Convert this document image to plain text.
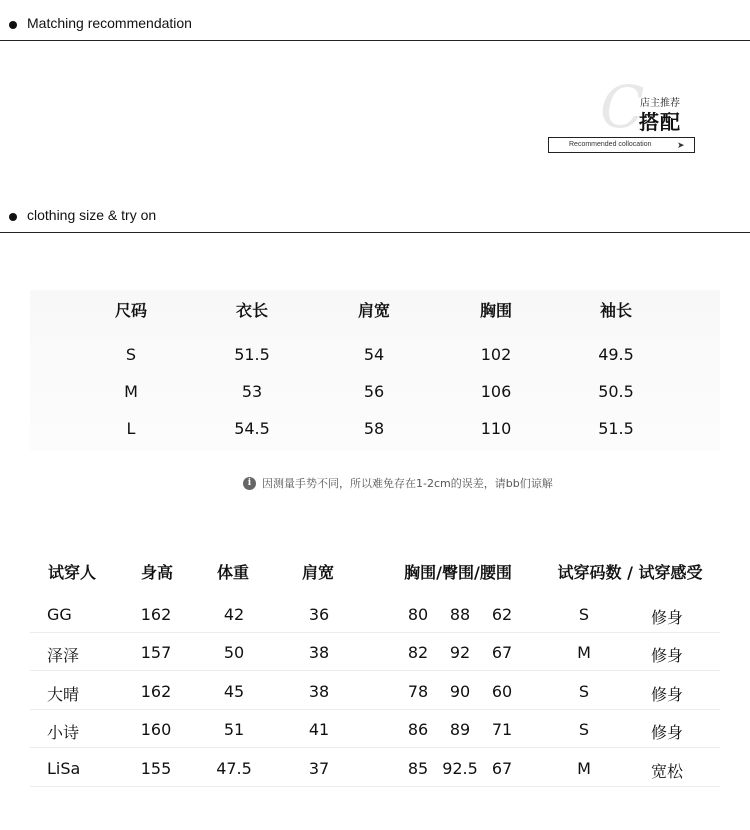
Matching recommendation
C
店主推荐
搭配
Recommended collocation	➤
clothing size & try on
尺码	衣长	肩宽	胸围	袖长
S	51.5	54	102	49.5
M	53	56	106	50.5
L	54.5	58	110	51.5
i 因测量手势不同，所以难免存在1-2cm的误差，请bb们谅解
试穿人	身高	体重	肩宽	胸围/臀围/腰围	试穿码数 / 试穿感受
GG	162	42	36	80 88 62	S	修身
泽泽	157	50	38	82 92 67	M	修身
大晴	162	45	38	78 90 60	S	修身
小诗	160	51	41	86 89 71	S	修身
LiSa	155	47.5	37	85 92.5 67	M	宽松
